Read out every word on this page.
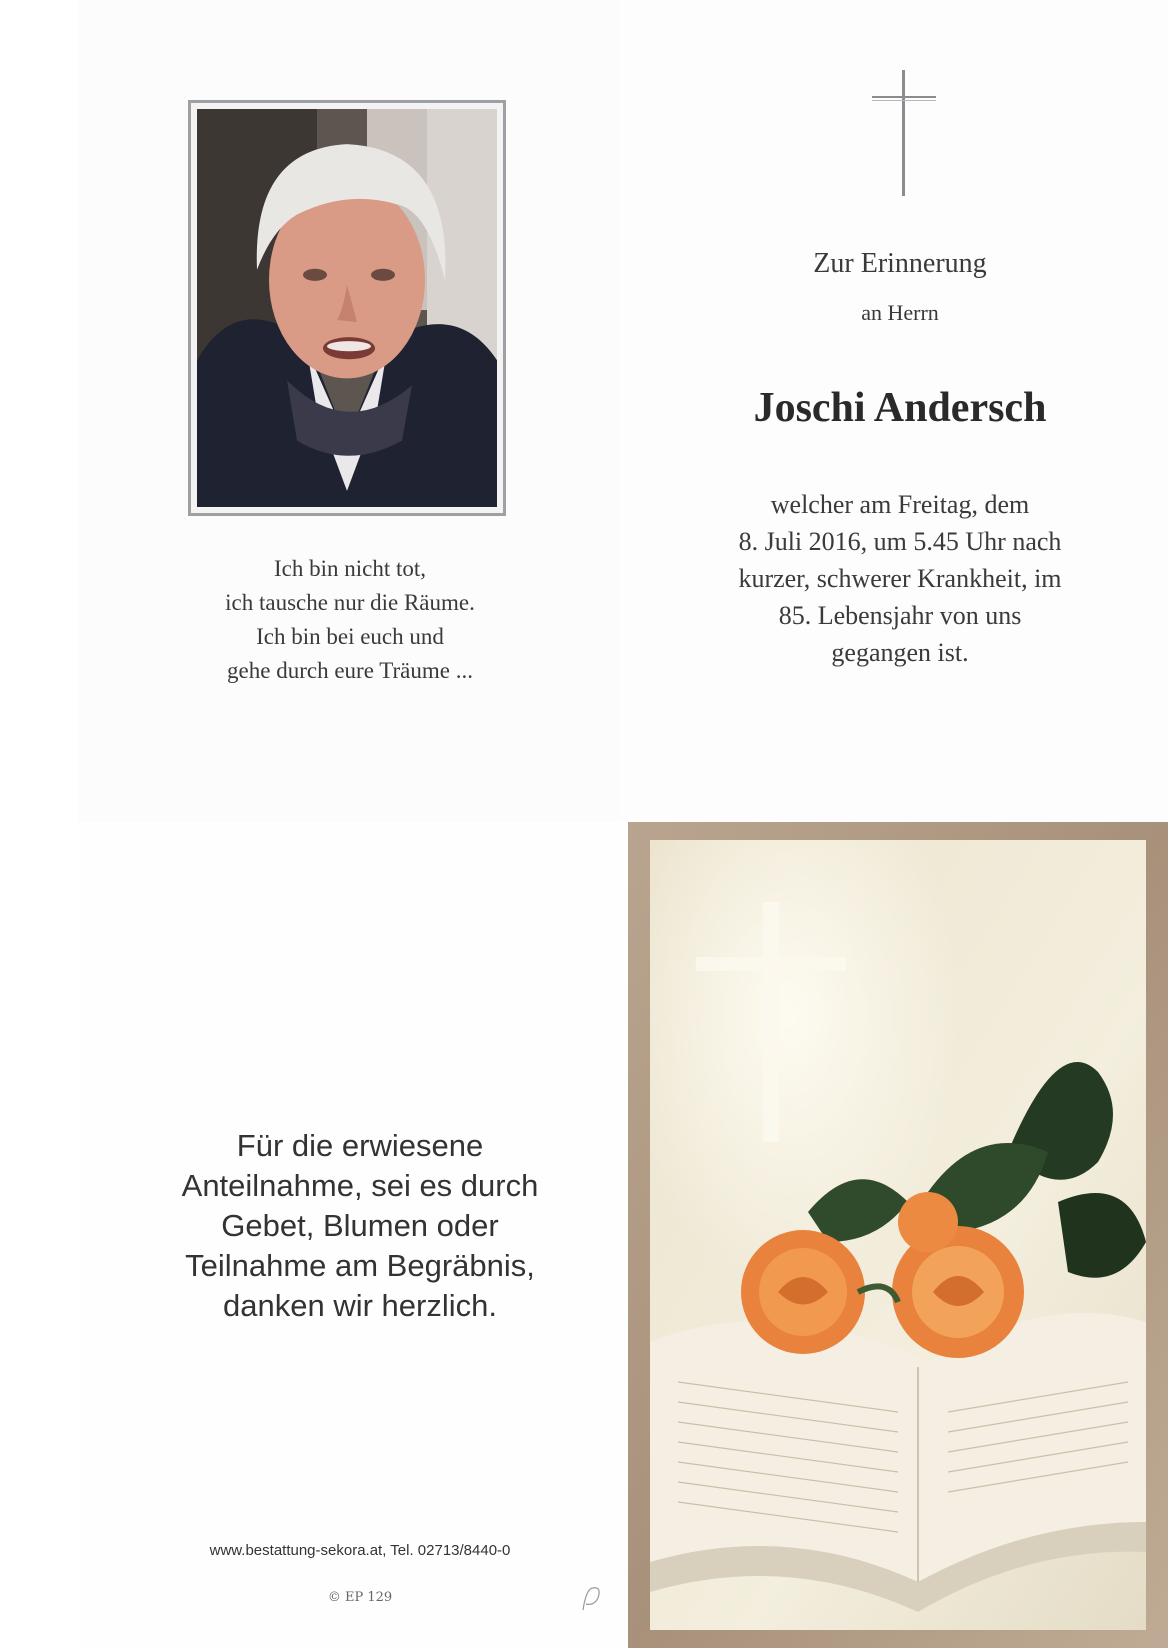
Ich bin nicht tot,
ich tausche nur die Räume.
Ich bin bei euch und
gehe durch eure Träume ...
Zur Erinnerung
an Herrn
Joschi Andersch
welcher am Freitag, dem
8. Juli 2016, um 5.45 Uhr nach
kurzer, schwerer Krankheit, im
85. Lebensjahr von uns
gegangen ist.
Für die erwiesene
Anteilnahme, sei es durch
Gebet, Blumen oder
Teilnahme am Begräbnis,
danken wir herzlich.
www.bestattung-sekora.at, Tel. 02713/8440-0
© EP 129
